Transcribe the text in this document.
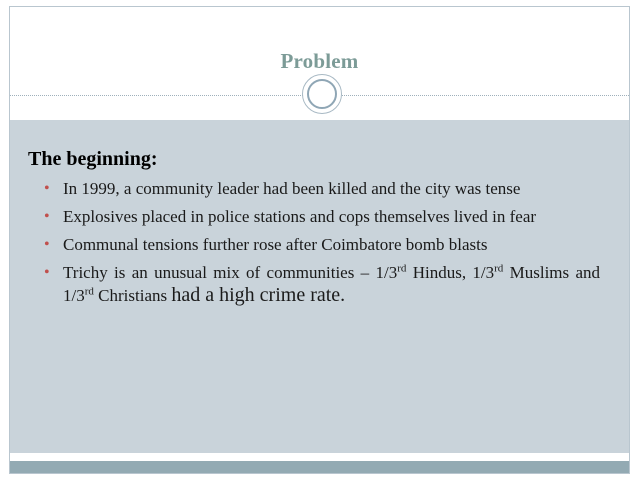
Problem
The beginning:
• In 1999, a community leader had been killed and the city was tense
• Explosives placed in police stations and cops themselves lived in fear
• Communal tensions further rose after Coimbatore bomb blasts
• Trichy is an unusual mix of communities – 1/3rd Hindus, 1/3rd Muslims and 1/3rd Christians had a high crime rate.
